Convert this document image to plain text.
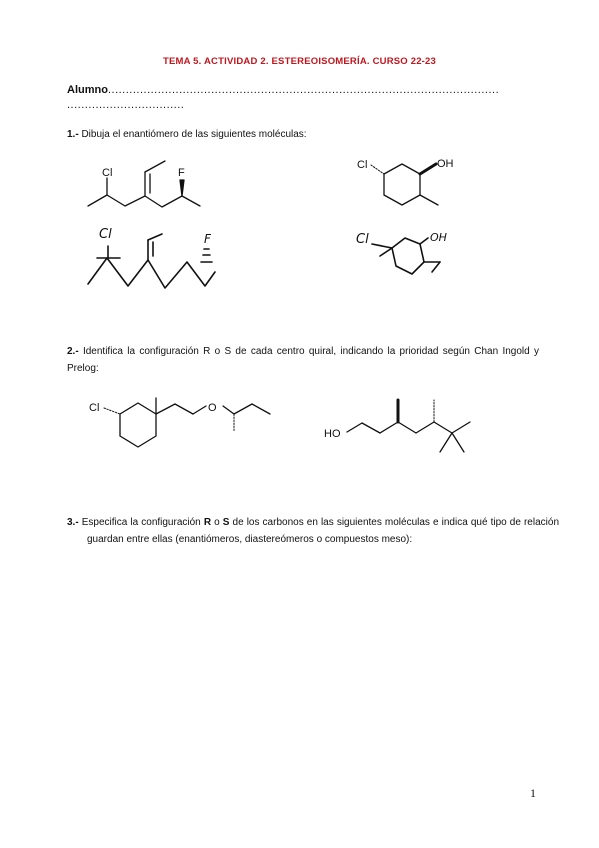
TEMA 5. ACTIVIDAD 2. ESTEREOISOMERÍA. CURSO 22-23
Alumno..............................................................................................................
.................................
1.- Dibuja el enantiómero de las siguientes moléculas:
Cl	F
Cl	OH
Cl	F	Cl	OH
2.- Identifica la configuración R o S de cada centro quiral, indicando la prioridad según Chan Ingold y Prelog:
Cl	O
HO
3.- Especifica la configuración R o S de los carbonos en las siguientes moléculas e indica qué tipo de relación guardan entre ellas (enantiómeros, diastereómeros o compuestos meso):
1
